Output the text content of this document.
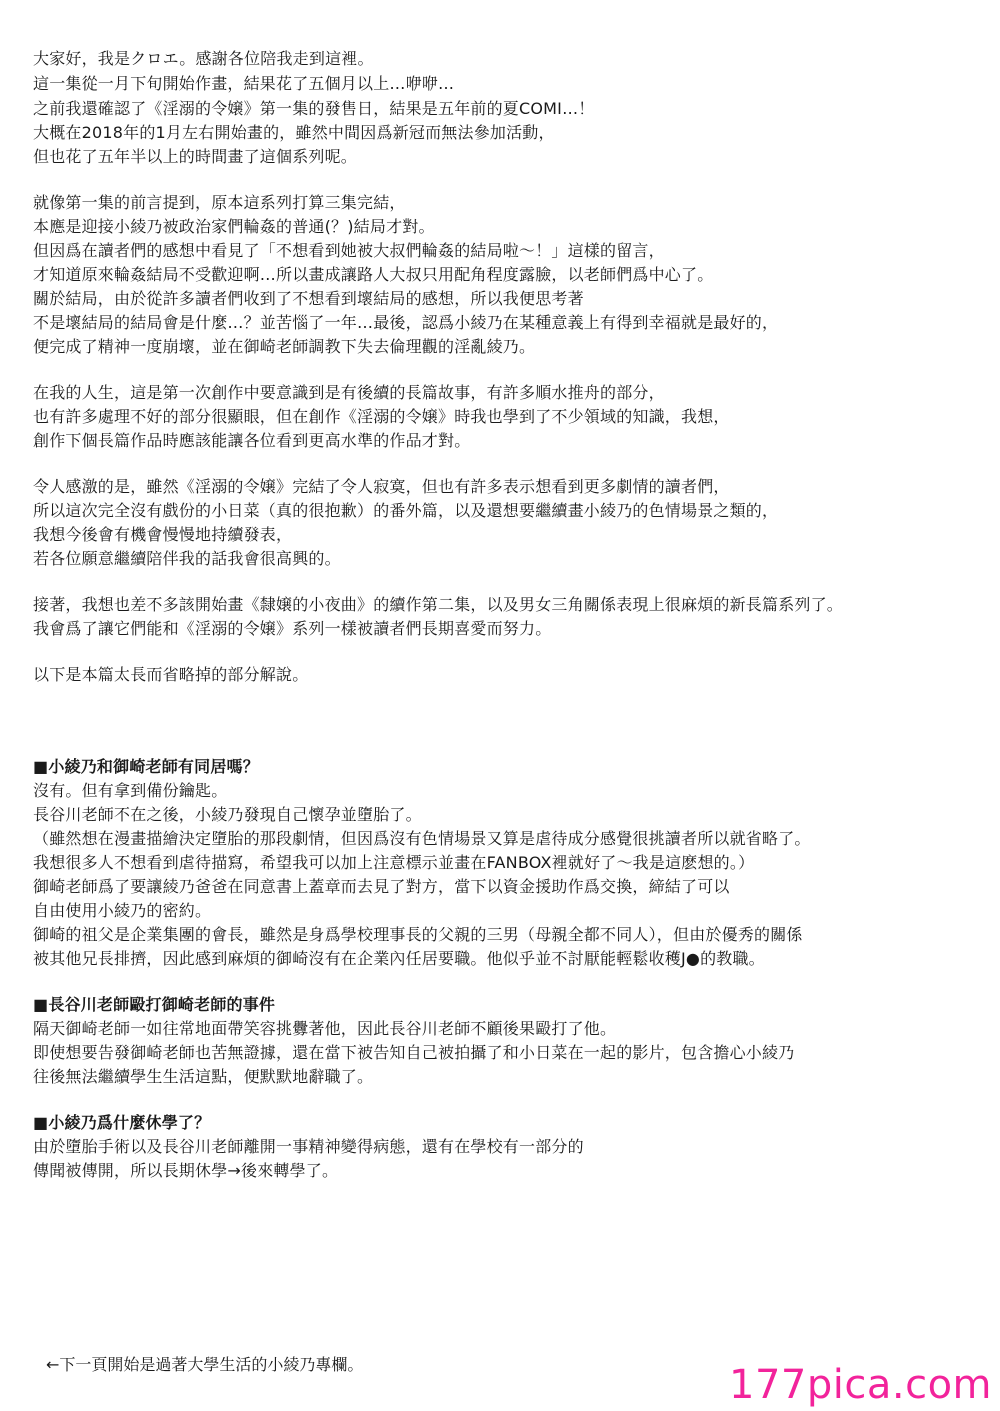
大家好，我是クロエ。感謝各位陪我走到這裡。
這一集從一月下旬開始作畫，結果花了五個月以上…咿咿…
之前我還確認了《淫溺的令嬢》第一集的發售日，結果是五年前的夏COMI…！
大概在2018年的1月左右開始畫的，雖然中間因爲新冠而無法參加活動，
但也花了五年半以上的時間畫了這個系列呢。
就像第一集的前言提到，原本這系列打算三集完結，
本應是迎接小綾乃被政治家們輪姦的普通(？)結局才對。
但因爲在讀者們的感想中看見了「不想看到她被大叔們輪姦的結局啦～！」這樣的留言，
才知道原來輪姦結局不受歡迎啊…所以畫成讓路人大叔只用配角程度露臉，以老師們爲中心了。
關於結局，由於從許多讀者們收到了不想看到壞結局的感想，所以我便思考著
不是壞結局的結局會是什麼…？並苦惱了一年…最後，認爲小綾乃在某種意義上有得到幸福就是最好的，
便完成了精神一度崩壞，並在御崎老師調教下失去倫理觀的淫亂綾乃。
在我的人生，這是第一次創作中要意識到是有後續的長篇故事，有許多順水推舟的部分，
也有許多處理不好的部分很顯眼，但在創作《淫溺的令嬢》時我也學到了不少領域的知識，我想，
創作下個長篇作品時應該能讓各位看到更高水準的作品才對。
令人感激的是，雖然《淫溺的令嬢》完結了令人寂寞，但也有許多表示想看到更多劇情的讀者們，
所以這次完全沒有戲份的小日菜（真的很抱歉）的番外篇，以及還想要繼續畫小綾乃的色情場景之類的，
我想今後會有機會慢慢地持續發表，
若各位願意繼續陪伴我的話我會很高興的。
接著，我想也差不多該開始畫《隸嬢的小夜曲》的續作第二集，以及男女三角關係表現上很麻煩的新長篇系列了。
我會爲了讓它們能和《淫溺的令嬢》系列一樣被讀者們長期喜愛而努力。
以下是本篇太長而省略掉的部分解說。
■小綾乃和御崎老師有同居嗎？
沒有。但有拿到備份鑰匙。
長谷川老師不在之後，小綾乃發現自己懷孕並墮胎了。
（雖然想在漫畫描繪決定墮胎的那段劇情，但因爲沒有色情場景又算是虐待成分感覺很挑讀者所以就省略了。
我想很多人不想看到虐待描寫，希望我可以加上注意標示並畫在FANBOX裡就好了～我是這麽想的。）
御崎老師爲了要讓綾乃爸爸在同意書上蓋章而去見了對方，當下以資金援助作爲交換，締結了可以
自由使用小綾乃的密約。
御崎的祖父是企業集團的會長，雖然是身爲學校理事長的父親的三男（母親全都不同人），但由於優秀的關係
被其他兄長排擠，因此感到麻煩的御崎沒有在企業內任居要職。他似乎並不討厭能輕鬆收穫J●的教職。
■長谷川老師毆打御崎老師的事件
隔天御崎老師一如往常地面帶笑容挑釁著他，因此長谷川老師不顧後果毆打了他。
即使想要告發御崎老師也苦無證據，還在當下被告知自己被拍攝了和小日菜在一起的影片，包含擔心小綾乃
往後無法繼續學生生活這點，便默默地辭職了。
■小綾乃爲什麼休學了？
由於墮胎手術以及長谷川老師離開一事精神變得病態，還有在學校有一部分的
傳聞被傳開，所以長期休學→後來轉學了。
←下一頁開始是過著大學生活的小綾乃專欄。	177pica.com
